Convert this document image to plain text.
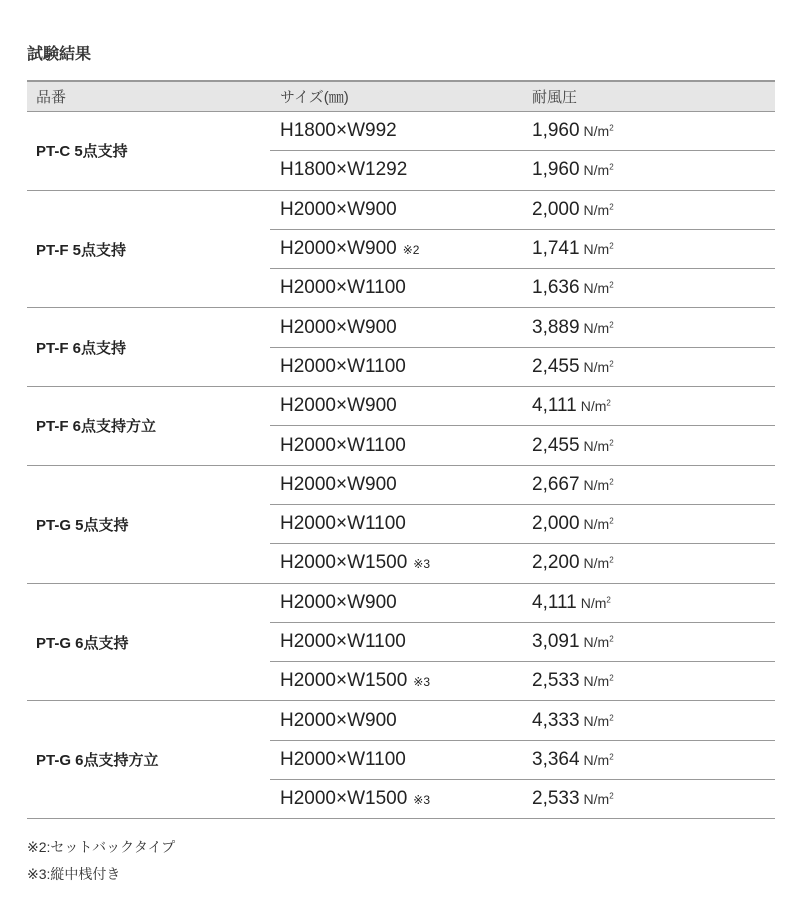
試験結果
品番	サイズ(㎜)	耐風圧
PT-C 5点支持	H1800×W992	1,960 $N/m^2$
	H1800×W1292	1,960 $N/m^2$
PT-F 5点支持	H2000×W900	2,000 $N/m^2$
	H2000×W900 ※2	1,741 $N/m^2$
	H2000×W1100	1,636 $N/m^2$
PT-F 6点支持	H2000×W900	3,889 $N/m^2$
	H2000×W1100	2,455 $N/m^2$
PT-F 6点支持方立	H2000×W900	4,111 $N/m^2$
	H2000×W1100	2,455 $N/m^2$
PT-G 5点支持	H2000×W900	2,667 $N/m^2$
	H2000×W1100	2,000 $N/m^2$
	H2000×W1500 ※3	2,200 $N/m^2$
PT-G 6点支持	H2000×W900	4,111 $N/m^2$
	H2000×W1100	3,091 $N/m^2$
	H2000×W1500 ※3	2,533 $N/m^2$
PT-G 6点支持方立	H2000×W900	4,333 $N/m^2$
	H2000×W1100	3,364 $N/m^2$
	H2000×W1500 ※3	2,533 $N/m^2$
※2:セットバックタイプ
※3:縦中桟付き
